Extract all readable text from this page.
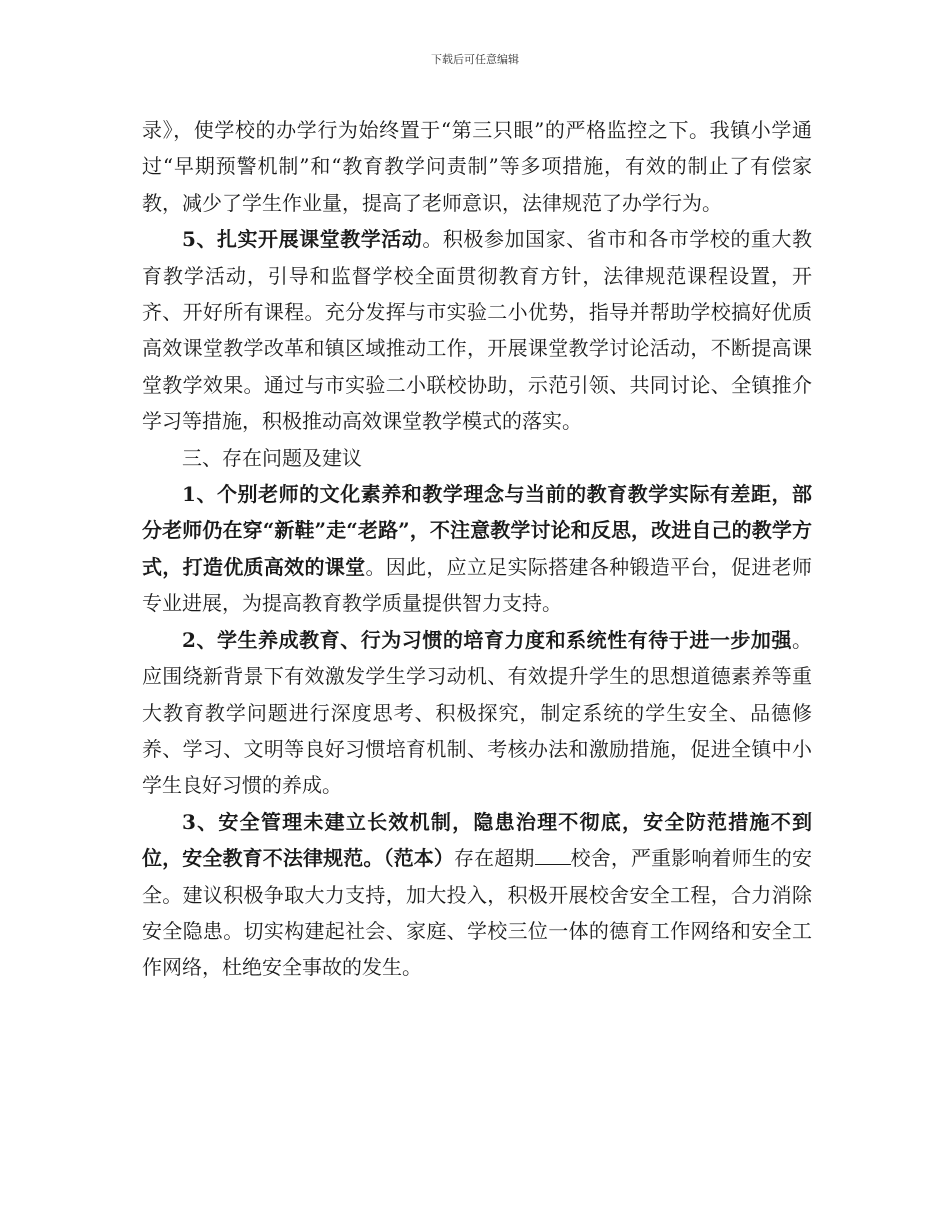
下载后可任意编辑

录》，使学校的办学行为始终置于“第三只眼”的严格监控之下。我镇小学通过“早期预警机制”和“教育教学问责制”等多项措施，有效的制止了有偿家教，减少了学生作业量，提高了老师意识，法律规范了办学行为。

5、扎实开展课堂教学活动。积极参加国家、省市和各市学校的重大教育教学活动，引导和监督学校全面贯彻教育方针，法律规范课程设置，开齐、开好所有课程。充分发挥与市实验二小优势，指导并帮助学校搞好优质高效课堂教学改革和镇区域推动工作，开展课堂教学讨论活动，不断提高课堂教学效果。通过与市实验二小联校协助，示范引领、共同讨论、全镇推介学习等措施，积极推动高效课堂教学模式的落实。

三、存在问题及建议

1、个别老师的文化素养和教学理念与当前的教育教学实际有差距，部分老师仍在穿“新鞋”走“老路”，不注意教学讨论和反思，改进自己的教学方式，打造优质高效的课堂。因此，应立足实际搭建各种锻造平台，促进老师专业进展，为提高教育教学质量提供智力支持。

2、学生养成教育、行为习惯的培育力度和系统性有待于进一步加强。应围绕新背景下有效激发学生学习动机、有效提升学生的思想道德素养等重大教育教学问题进行深度思考、积极探究，制定系统的学生安全、品德修养、学习、文明等良好习惯培育机制、考核办法和激励措施，促进全镇中小学生良好习惯的养成。

3、安全管理未建立长效机制，隐患治理不彻底，安全防范措施不到位，安全教育不法律规范。（范本）存在超期 校舍，严重影响着师生的安全。建议积极争取大力支持，加大投入，积极开展校舍安全工程，合力消除安全隐患。切实构建起社会、家庭、学校三位一体的德育工作网络和安全工作网络，杜绝安全事故的发生。
